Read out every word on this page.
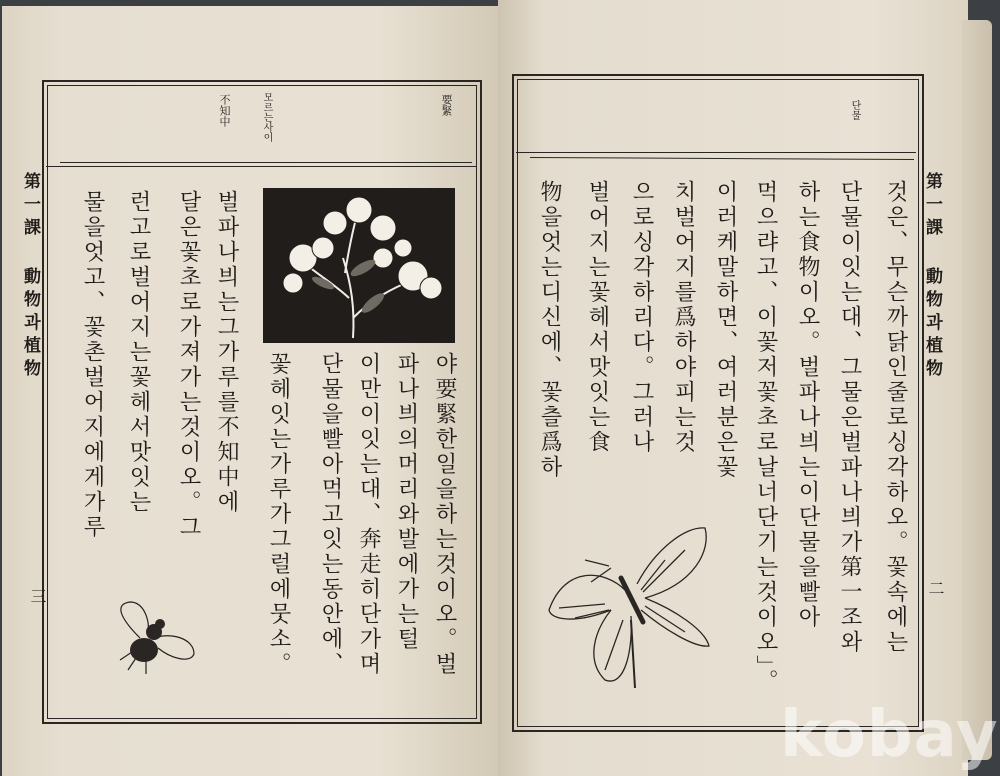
第一課 動物과植物
三
不知中	모르는사이	要緊
야要緊한일을하는것이오。벌
파나븨의머리와발에가는털
이만이잇는대、奔走히단가며
단물을빨아먹고잇는동안에、
꽃헤잇는가루가그럴에뭇소。
벌파나븨는그가루를不知中에
달은꽃초로가져가는것이오。그
런고로벌어지는꽃헤서맛잇는
물을엇고、꽃촌벌어지에게가루
단물
第一課 動物과植物
二
것은、무슨까닭인줄로싱각하오。꽃속에는
단물이잇는대、그물은벌파나븨가第一조와
하는食物이오。벌파나븨는이단물을빨아
먹으랴고、이꽃저꽃초로날너단기는것이오」。
이러케말하면、여러분은꽃
치벌어지를爲하야피는것
으로싱각하리다。그러나
벌어지는꽃헤서맛잇는食
物을엇는디신에、꽃츨爲하
kobay
